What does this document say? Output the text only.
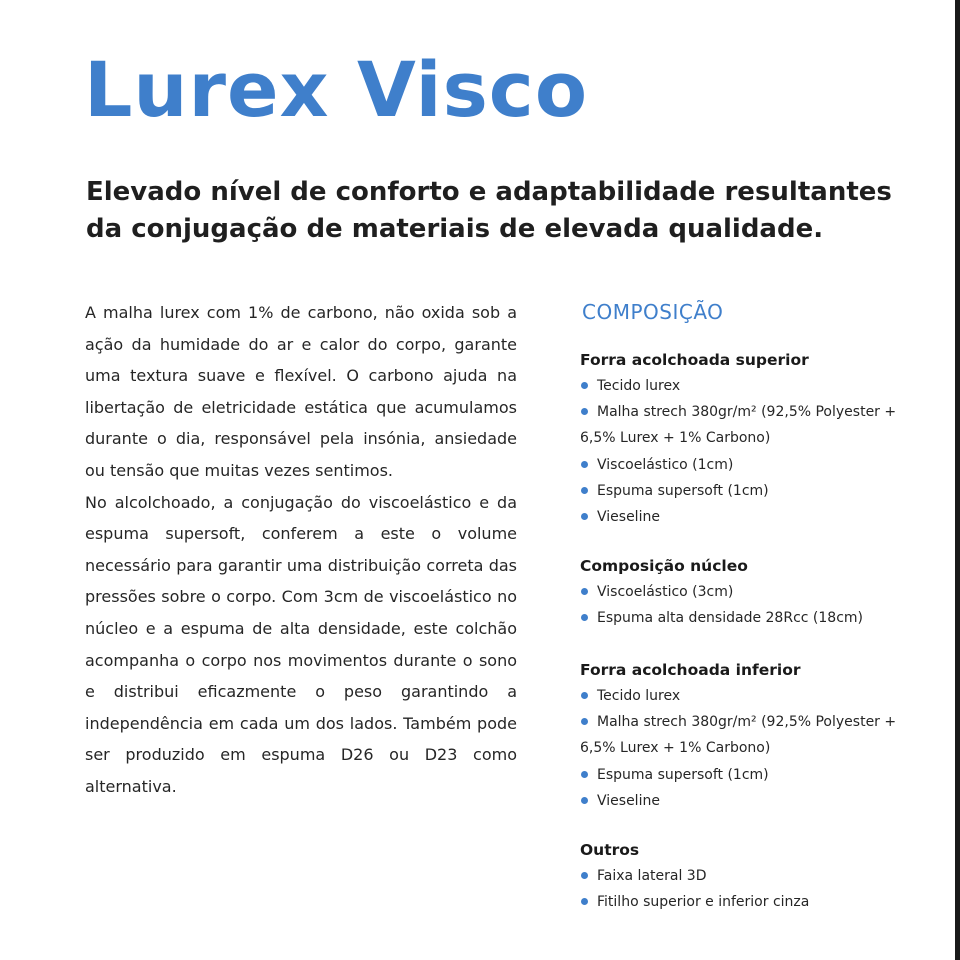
Lurex Visco
Elevado nível de conforto e adaptabilidade resultantes
da conjugação de materiais de elevada qualidade.

A malha lurex com 1% de carbono, não oxida sob a ação da humidade do ar e calor do corpo, garante uma textura suave e flexível. O carbono ajuda na libertação de eletricidade estática que acumulamos durante o dia, responsável pela insónia, ansiedade ou tensão que muitas vezes sentimos.

No alcolchoado, a conjugação do viscoelástico e da espuma supersoft, conferem a este o volume necessário para garantir uma distribuição correta das pressões sobre o corpo. Com 3cm de viscoelástico no núcleo e a espuma de alta densidade, este colchão acompanha o corpo nos movimentos durante o sono e distribui eficazmente o peso garantindo a independência em cada um dos lados. Também pode ser produzido em espuma D26 ou D23 como alternativa.

COMPOSIÇÃO
Forra acolchoada superior
Tecido lurex
Malha strech 380gr/m² (92,5% Polyester + 6,5% Lurex + 1% Carbono)
Viscoelástico (1cm)
Espuma supersoft (1cm)
Vieseline
Composição núcleo
Viscoelástico (3cm)
Espuma alta densidade 28Rcc (18cm)
Forra acolchoada inferior
Tecido lurex
Malha strech 380gr/m² (92,5% Polyester + 6,5% Lurex + 1% Carbono)
Espuma supersoft (1cm)
Vieseline
Outros
Faixa lateral 3D
Fitilho superior e inferior cinza
